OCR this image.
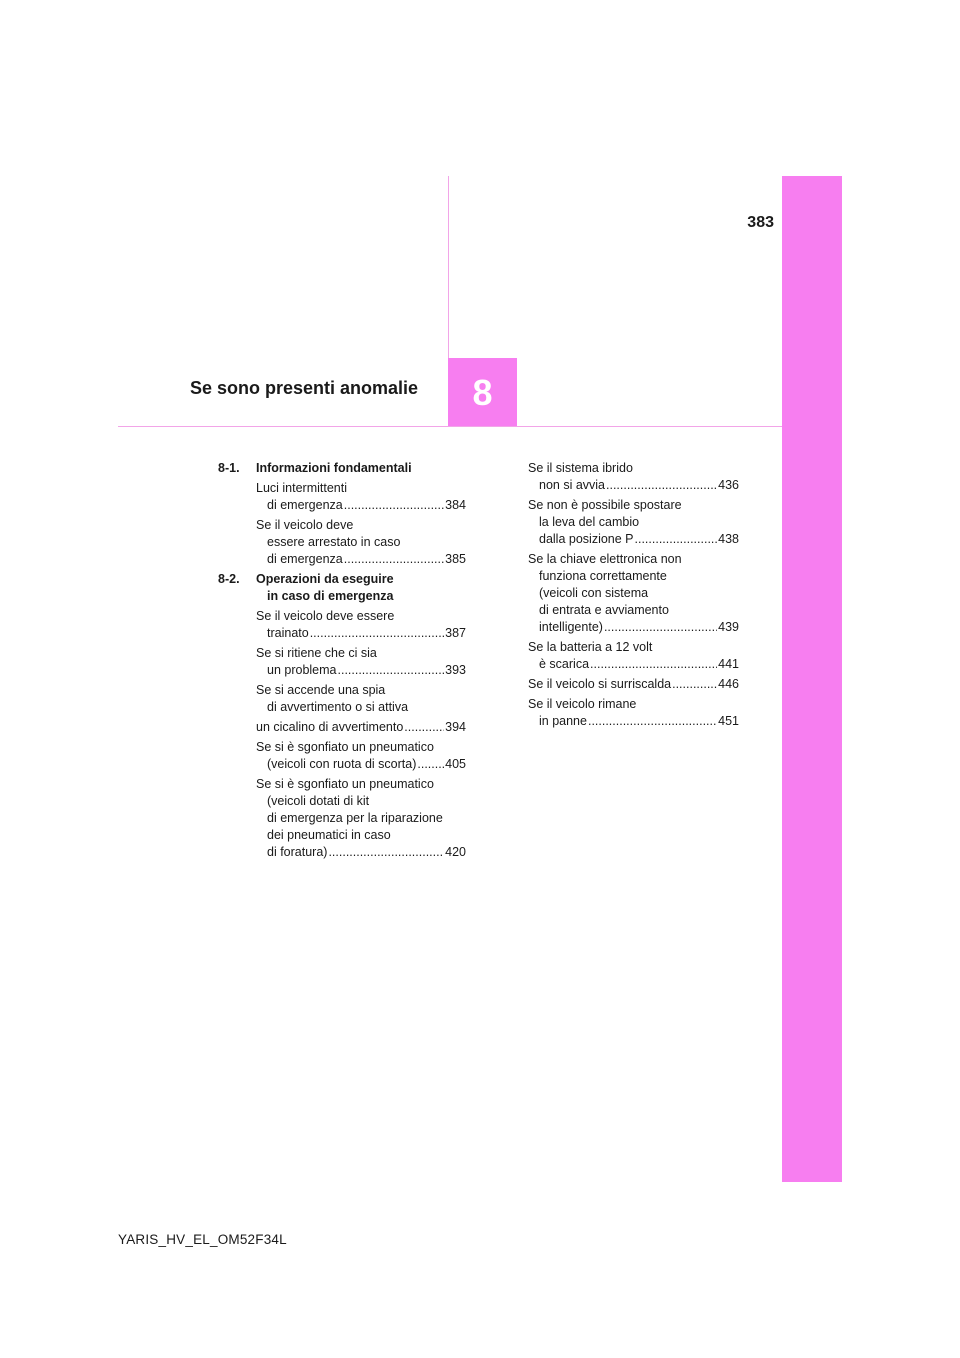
383
Se sono presenti anomalie	8
8-1.	Informazioni fondamentali
Luci intermittenti
di emergenza .....	384
Se il veicolo deve
essere arrestato in caso
di emergenza .....	385
8-2.	Operazioni da eseguire
in caso di emergenza
Se il veicolo deve essere
trainato .....	387
Se si ritiene che ci sia
un problema .....	393
Se si accende una spia
di avvertimento o si attiva
un cicalino di avvertimento .....	394
Se si è sgonfiato un pneumatico
(veicoli con ruota di scorta) ..... 405
Se si è sgonfiato un pneumatico
(veicoli dotati di kit
di emergenza per la riparazione
dei pneumatici in caso
di foratura) .....	420
Se il sistema ibrido
non si avvia .....	436
Se non è possibile spostare
la leva del cambio
dalla posizione P .....	438
Se la chiave elettronica non
funziona correttamente
(veicoli con sistema
di entrata e avviamento
intelligente) .....	439
Se la batteria a 12 volt
è scarica .....	441
Se il veicolo si surriscalda .....	446
Se il veicolo rimane
in panne .....	451
YARIS_HV_EL_OM52F34L
